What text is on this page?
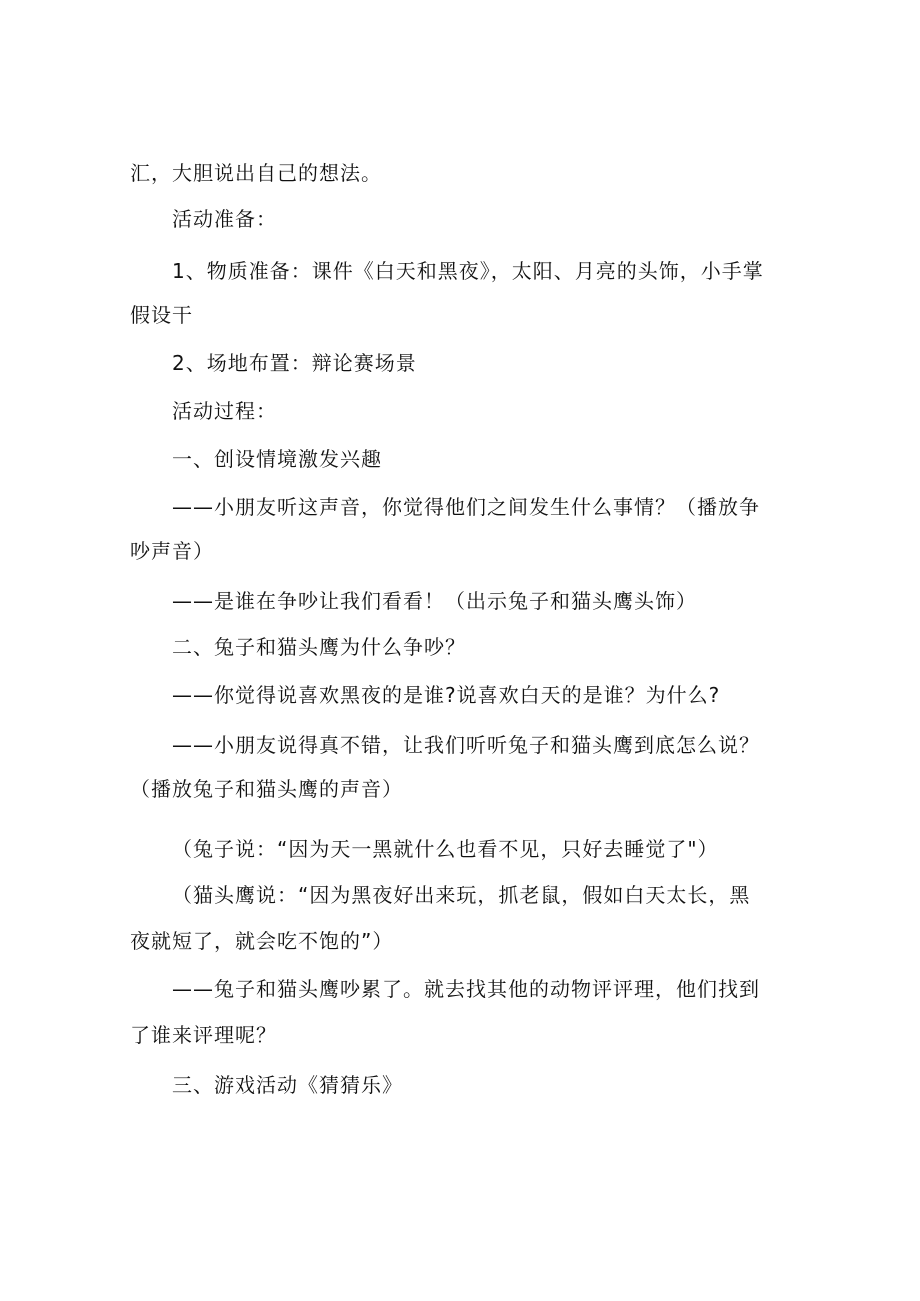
汇，大胆说出自己的想法。
活动准备：
1、物质准备：课件《白天和黑夜》，太阳、月亮的头饰，小手掌
假设干
2、场地布置：辩论赛场景
活动过程：
一、创设情境激发兴趣
——小朋友听这声音，你觉得他们之间发生什么事情？（播放争
吵声音）
——是谁在争吵让我们看看！（出示兔子和猫头鹰头饰）
二、兔子和猫头鹰为什么争吵？
——你觉得说喜欢黑夜的是谁?说喜欢白天的是谁？为什么?
——小朋友说得真不错，让我们听听兔子和猫头鹰到底怎么说？
（播放兔子和猫头鹰的声音）
（兔子说：“因为天一黑就什么也看不见，只好去睡觉了"）
（猫头鹰说：“因为黑夜好出来玩，抓老鼠，假如白天太长，黑
夜就短了，就会吃不饱的”）
——兔子和猫头鹰吵累了。就去找其他的动物评评理，他们找到
了谁来评理呢？
三、游戏活动《猜猜乐》
